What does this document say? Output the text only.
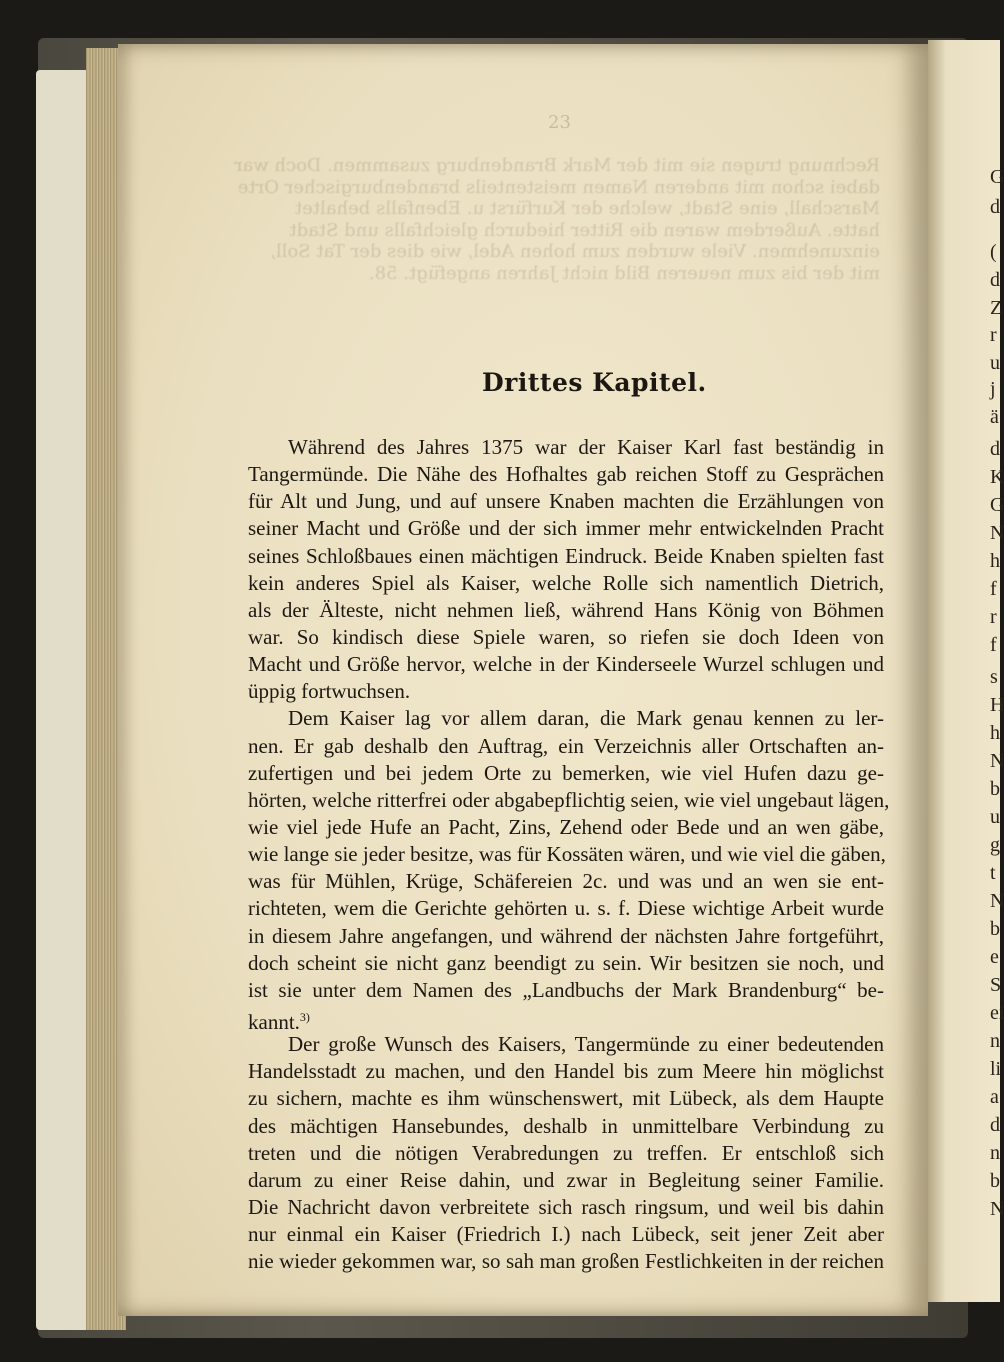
Rechnung trugen sie mit der Mark Brandenburg zusammen. Doch war
dabei schon mit anderen Namen meistenteils brandenburgischer Orte
Marschall, eine Stadt, welche der Kurfürst u. Ebenfalls behaltet
hatte. Außerdem waren die Ritter hiedurch gleichfalls und Stadt
einzunehmen. Viele wurden zum hohen Adel, wie dies der Tat Soll,
mit der bis zum neueren Bild nicht Jahren angefügt. 58.
23
Drittes Kapitel.
Während des Jahres 1375 war der Kaiser Karl fast beständig in
Tangermünde. Die Nähe des Hofhaltes gab reichen Stoff zu Gesprächen
für Alt und Jung, und auf unsere Knaben machten die Erzählungen von
seiner Macht und Größe und der sich immer mehr entwickelnden Pracht
seines Schloßbaues einen mächtigen Eindruck. Beide Knaben spielten fast
kein anderes Spiel als Kaiser, welche Rolle sich namentlich Dietrich,
als der Älteste, nicht nehmen ließ, während Hans König von Böhmen
war. So kindisch diese Spiele waren, so riefen sie doch Ideen von
Macht und Größe hervor, welche in der Kinderseele Wurzel schlugen und
üppig fortwuchsen.
Dem Kaiser lag vor allem daran, die Mark genau kennen zu ler-
nen. Er gab deshalb den Auftrag, ein Verzeichnis aller Ortschaften an-
zufertigen und bei jedem Orte zu bemerken, wie viel Hufen dazu ge-
hörten, welche ritterfrei oder abgabepflichtig seien, wie viel ungebaut lägen,
wie viel jede Hufe an Pacht, Zins, Zehend oder Bede und an wen gäbe,
wie lange sie jeder besitze, was für Kossäten wären, und wie viel die gäben,
was für Mühlen, Krüge, Schäfereien 2c. und was und an wen sie ent-
richteten, wem die Gerichte gehörten u. s. f. Diese wichtige Arbeit wurde
in diesem Jahre angefangen, und während der nächsten Jahre fortgeführt,
doch scheint sie nicht ganz beendigt zu sein. Wir besitzen sie noch, und
ist sie unter dem Namen des „Landbuchs der Mark Brandenburg“ be-
kannt.$^{3)}$
Der große Wunsch des Kaisers, Tangermünde zu einer bedeutenden
Handelsstadt zu machen, und den Handel bis zum Meere hin möglichst
zu sichern, machte es ihm wünschenswert, mit Lübeck, als dem Haupte
des mächtigen Hansebundes, deshalb in unmittelbare Verbindung zu
treten und die nötigen Verabredungen zu treffen. Er entschloß sich
darum zu einer Reise dahin, und zwar in Begleitung seiner Familie.
Die Nachricht davon verbreitete sich rasch ringsum, und weil bis dahin
nur einmal ein Kaiser (Friedrich I.) nach Lübeck, seit jener Zeit aber
nie wieder gekommen war, so sah man großen Festlichkeiten in der reichen
G
d
(
d
Z
r
u
j
ä
d
K
G
N
h
f
r
f
s
H
h
N
b
u
g
t
N
b
e
S
ei
n
li
a
d
n
b
N
